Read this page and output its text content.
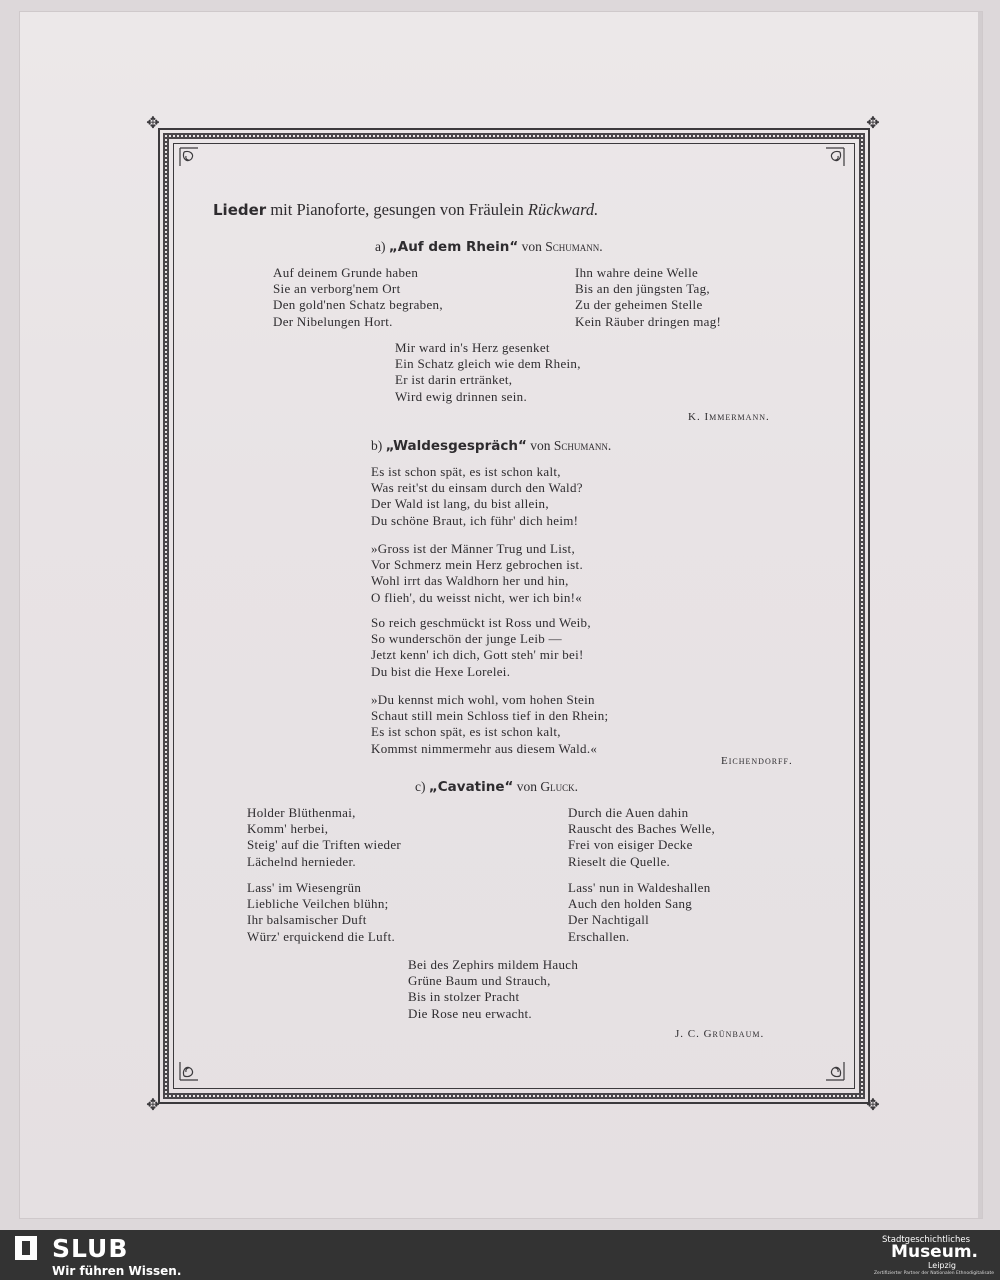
✥	✥
✥	✥
Lieder mit Pianoforte, gesungen von Fräulein Rückward.
a) „Auf dem Rhein“ von Schumann.
Auf deinem Grunde haben
Sie an verborg'nem Ort
Den gold'nen Schatz begraben,
Der Nibelungen Hort.
Ihn wahre deine Welle
Bis an den jüngsten Tag,
Zu der geheimen Stelle
Kein Räuber dringen mag!
Mir ward in's Herz gesenket
Ein Schatz gleich wie dem Rhein,
Er ist darin ertränket,
Wird ewig drinnen sein.
K. Immermann.
b) „Waldesgespräch“ von Schumann.
Es ist schon spät, es ist schon kalt,
Was reit'st du einsam durch den Wald?
Der Wald ist lang, du bist allein,
Du schöne Braut, ich führ' dich heim!
»Gross ist der Männer Trug und List,
Vor Schmerz mein Herz gebrochen ist.
Wohl irrt das Waldhorn her und hin,
O flieh', du weisst nicht, wer ich bin!«
So reich geschmückt ist Ross und Weib,
So wunderschön der junge Leib —
Jetzt kenn' ich dich, Gott steh' mir bei!
Du bist die Hexe Lorelei.
»Du kennst mich wohl, vom hohen Stein
Schaut still mein Schloss tief in den Rhein;
Es ist schon spät, es ist schon kalt,
Kommst nimmermehr aus diesem Wald.«
Eichendorff.
c) „Cavatine“ von Gluck.
Holder Blüthenmai,
Komm' herbei,
Steig' auf die Triften wieder
Lächelnd hernieder.
Durch die Auen dahin
Rauscht des Baches Welle,
Frei von eisiger Decke
Rieselt die Quelle.
Lass' im Wiesengrün
Liebliche Veilchen blühn;
Ihr balsamischer Duft
Würz' erquickend die Luft.
Lass' nun in Waldeshallen
Auch den holden Sang
Der Nachtigall
Erschallen.
Bei des Zephirs mildem Hauch
Grüne Baum und Strauch,
Bis in stolzer Pracht
Die Rose neu erwacht.
J. C. Grünbaum.
SLUB
Wir führen Wissen.
Stadtgeschichtliches
Museum.
Leipzig
Zertifizierter Partner der Nationalen Ethnodigitalisate
